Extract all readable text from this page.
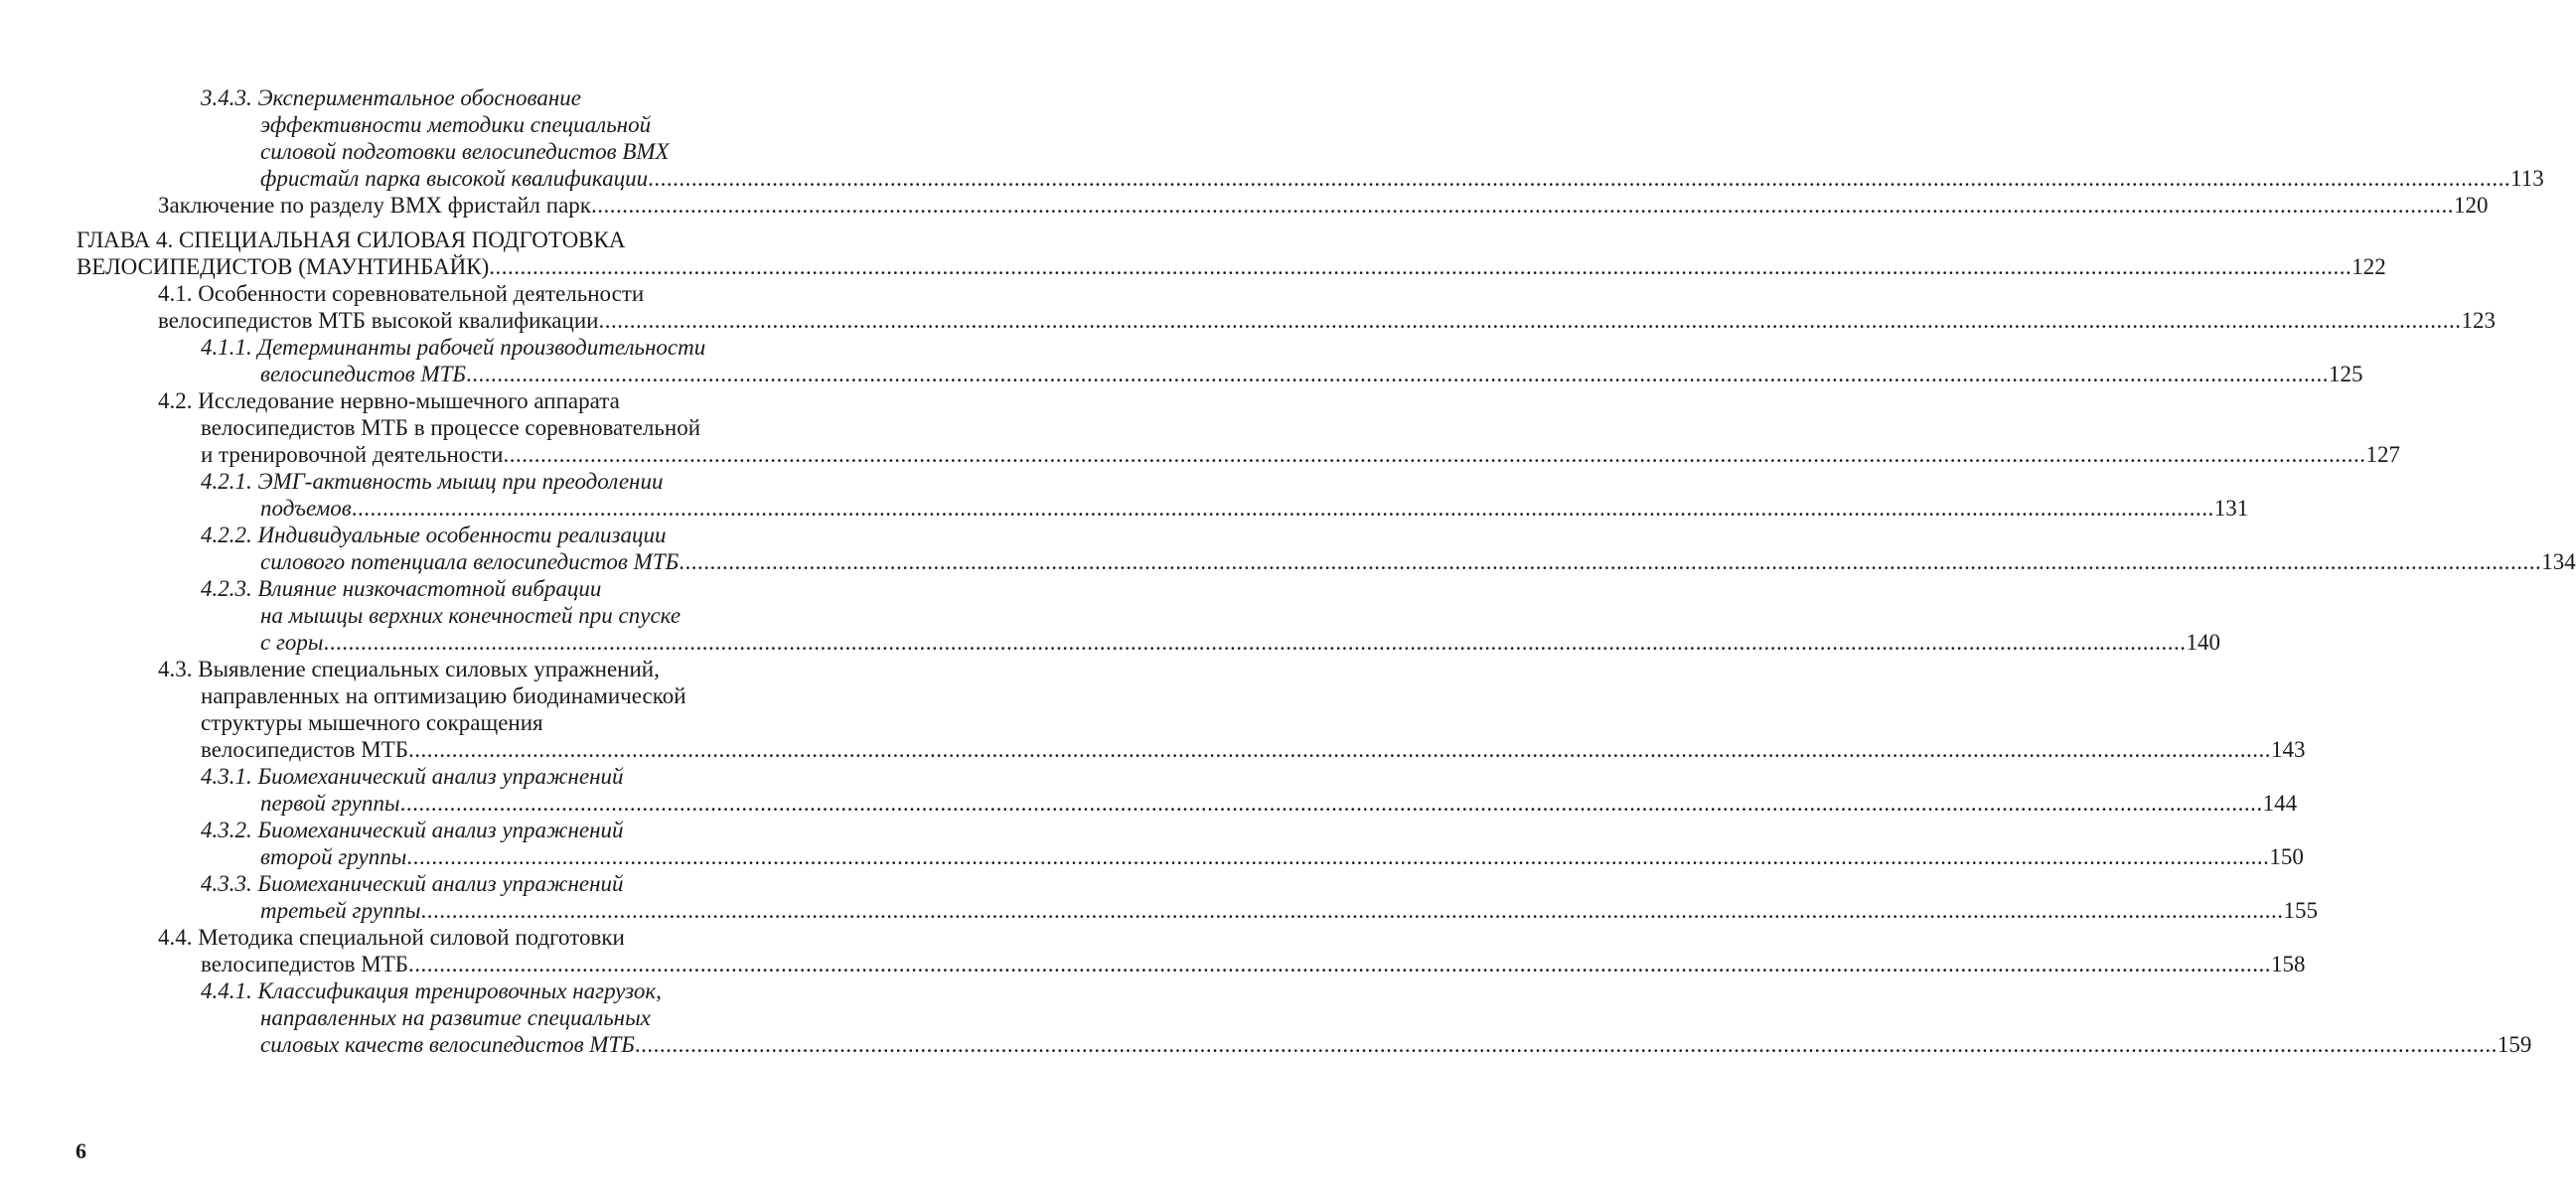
3.4.3. Экспериментальное обоснование
эффективности методики специальной
силовой подготовки велосипедистов ВМХ
фристайл парка высокой квалификации ............................................................................................................................................................................................................................................................................................................ 113
Заключение по разделу ВМХ фристайл парк ............................................................................................................................................................................................................................................................................................................ 120
ГЛАВА 4. СПЕЦИАЛЬНАЯ СИЛОВАЯ ПОДГОТОВКА
ВЕЛОСИПЕДИСТОВ (МАУНТИНБАЙК) ............................................................................................................................................................................................................................................................................................................ 122
4.1. Особенности соревновательной деятельности
велосипедистов МТБ высокой квалификации ............................................................................................................................................................................................................................................................................................................ 123
4.1.1. Детерминанты рабочей производительности
велосипедистов МТБ ............................................................................................................................................................................................................................................................................................................ 125
4.2. Исследование нервно-мышечного аппарата
велосипедистов МТБ в процессе соревновательной
и тренировочной деятельности ............................................................................................................................................................................................................................................................................................................ 127
4.2.1. ЭМГ-активность мышц при преодолении
подъемов ............................................................................................................................................................................................................................................................................................................ 131
4.2.2. Индивидуальные особенности реализации
силового потенциала велосипедистов МТБ ............................................................................................................................................................................................................................................................................................................ 134
4.2.3. Влияние низкочастотной вибрации
на мышцы верхних конечностей при спуске
с горы ............................................................................................................................................................................................................................................................................................................ 140
4.3. Выявление специальных силовых упражнений,
направленных на оптимизацию биодинамической
структуры мышечного сокращения
велосипедистов МТБ ............................................................................................................................................................................................................................................................................................................ 143
4.3.1. Биомеханический анализ упражнений
первой группы ............................................................................................................................................................................................................................................................................................................ 144
4.3.2. Биомеханический анализ упражнений
второй группы ............................................................................................................................................................................................................................................................................................................ 150
4.3.3. Биомеханический анализ упражнений
третьей группы ............................................................................................................................................................................................................................................................................................................ 155
4.4. Методика специальной силовой подготовки
велосипедистов МТБ ............................................................................................................................................................................................................................................................................................................ 158
4.4.1. Классификация тренировочных нагрузок,
направленных на развитие специальных
силовых качеств велосипедистов МТБ ............................................................................................................................................................................................................................................................................................................ 159
6
